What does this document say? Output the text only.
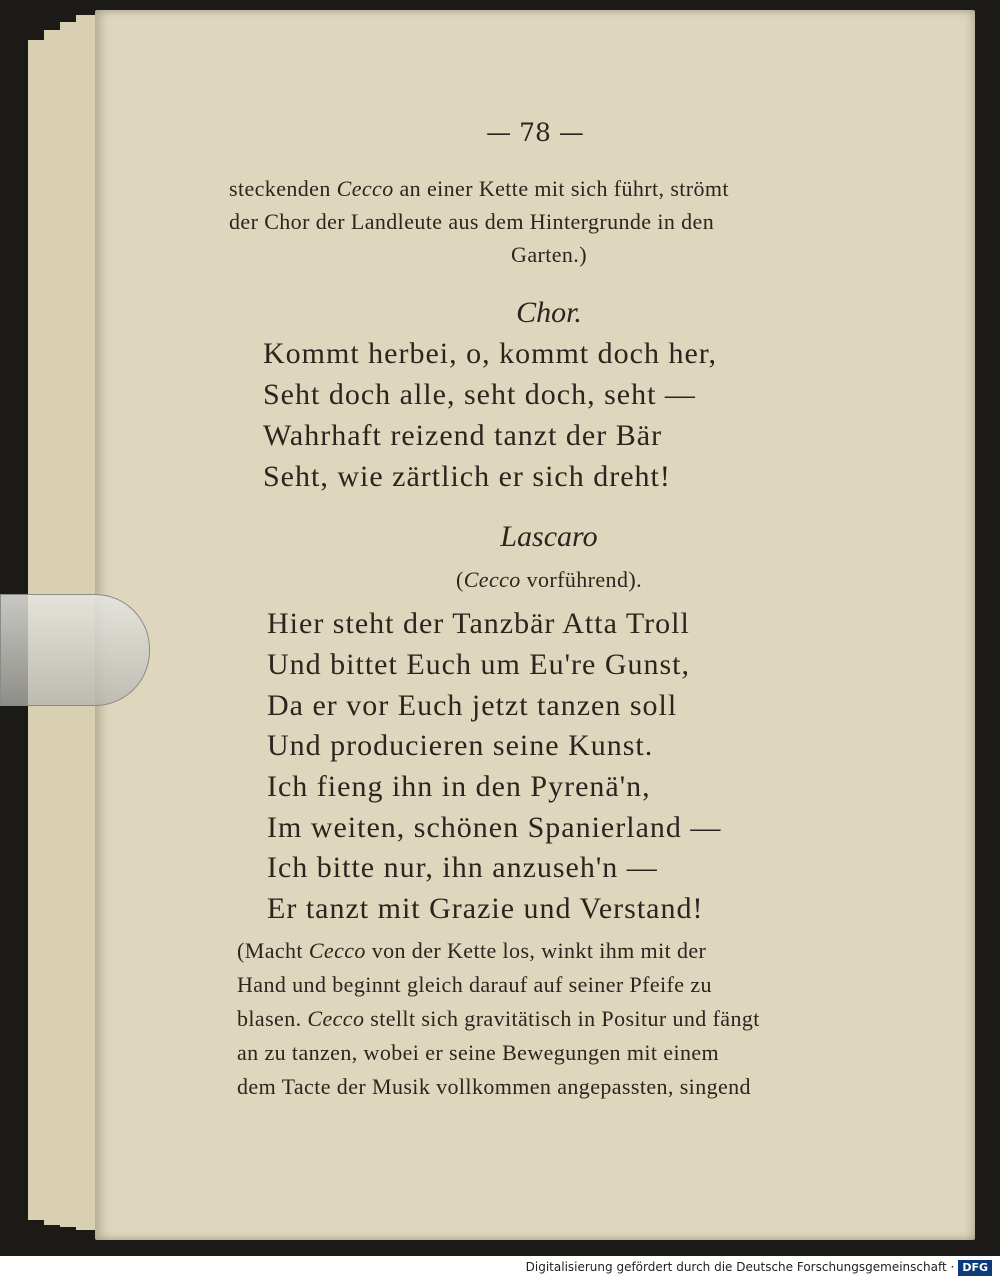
— 78 —
steckenden Cecco an einer Kette mit sich führt, strömt
der Chor der Landleute aus dem Hintergrunde in den
Garten.)
Chor.
Kommt herbei, o, kommt doch her,
Seht doch alle, seht doch, seht —
Wahrhaft reizend tanzt der Bär
Seht, wie zärtlich er sich dreht!
Lascaro
(Cecco vorführend).
Hier steht der Tanzbär Atta Troll
Und bittet Euch um Eu're Gunst,
Da er vor Euch jetzt tanzen soll
Und producieren seine Kunst.
Ich fieng ihn in den Pyrenä'n,
Im weiten, schönen Spanierland —
Ich bitte nur, ihn anzuseh'n —
Er tanzt mit Grazie und Verstand!
(Macht Cecco von der Kette los, winkt ihm mit der
Hand und beginnt gleich darauf auf seiner Pfeife zu
blasen. Cecco stellt sich gravitätisch in Positur und fängt
an zu tanzen, wobei er seine Bewegungen mit einem
dem Tacte der Musik vollkommen angepassten, singend
Digitalisierung gefördert durch die Deutsche Forschungsgemeinschaft · DFG
